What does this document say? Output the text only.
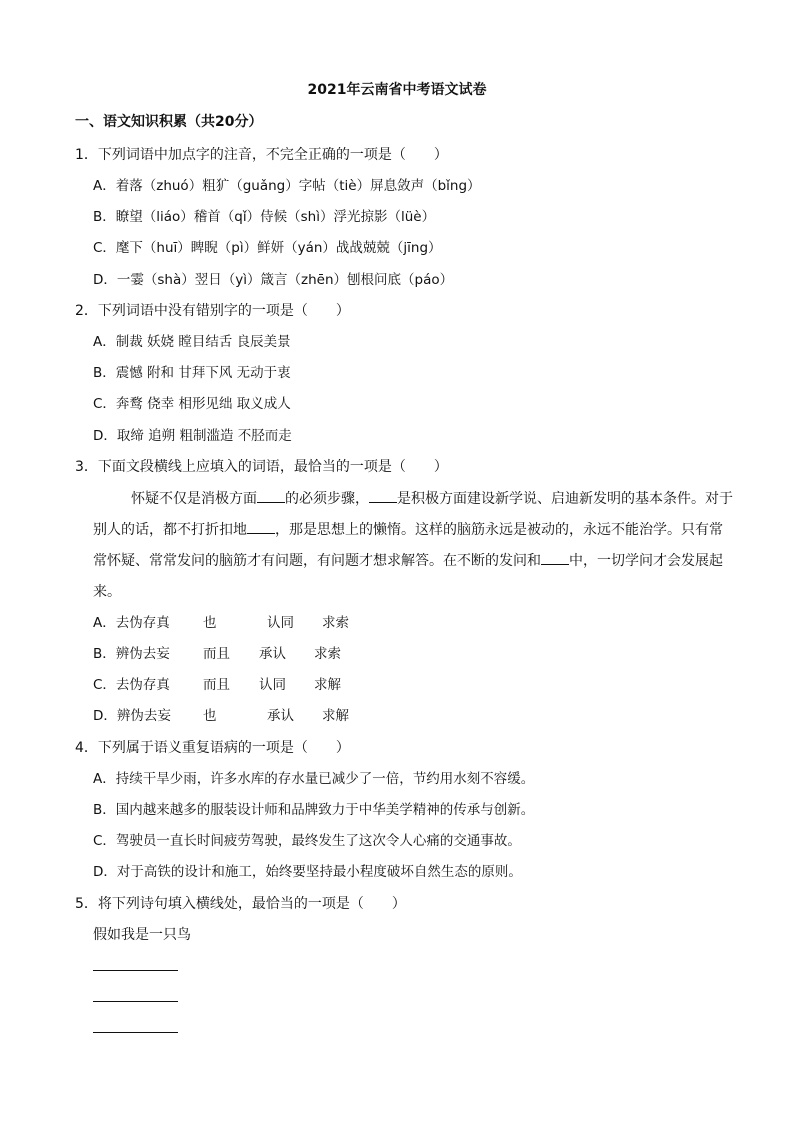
2021年云南省中考语文试卷
一、语文知识积累（共20分）
1．下列词语中加点字的注音，不完全正确的一项是（　　）
A．着落（zhuó）粗犷（guǎng）字帖（tiè）屏息敛声（bǐng）
B．瞭望（liáo）稽首（qǐ）侍候（shì）浮光掠影（lüè）
C．麾下（huī）睥睨（pì）鲜妍（yán）战战兢兢（jīng）
D．一霎（shà）翌日（yì）箴言（zhēn）刨根问底（páo）
2．下列词语中没有错别字的一项是（　　）
A．制裁 妖娆 瞠目结舌 良辰美景
B．震憾 附和 甘拜下风 无动于衷
C．奔鹜 侥幸 相形见绌 取义成人
D．取缔 追朔 粗制滥造 不胫而走
3．下面文段横线上应填入的词语，最恰当的一项是（　　）

怀疑不仅是消极方面 的必须步骤， 是积极方面建设新学说、启迪新发明的基本条件。对于别人的话，都不打折扣地 ，那是思想上的懒惰。这样的脑筋永远是被动的，永远不能治学。只有常常怀疑、常常发问的脑筋才有问题，有问题才想求解答。在不断的发问和 中，一切学问才会发展起来。

A．去伪存真 也	认同 求索
B．辨伪去妄 而且 承认 求索
C．去伪存真 而且 认同 求解
D．辨伪去妄 也	承认 求解
4．下列属于语义重复语病的一项是（　　）
A．持续干旱少雨，许多水库的存水量已减少了一倍，节约用水刻不容缓。
B．国内越来越多的服装设计师和品牌致力于中华美学精神的传承与创新。
C．驾驶员一直长时间疲劳驾驶，最终发生了这次令人心痛的交通事故。
D．对于高铁的设计和施工，始终要坚持最小程度破坏自然生态的原则。
5．将下列诗句填入横线处，最恰当的一项是（　　）
假如我是一只鸟
